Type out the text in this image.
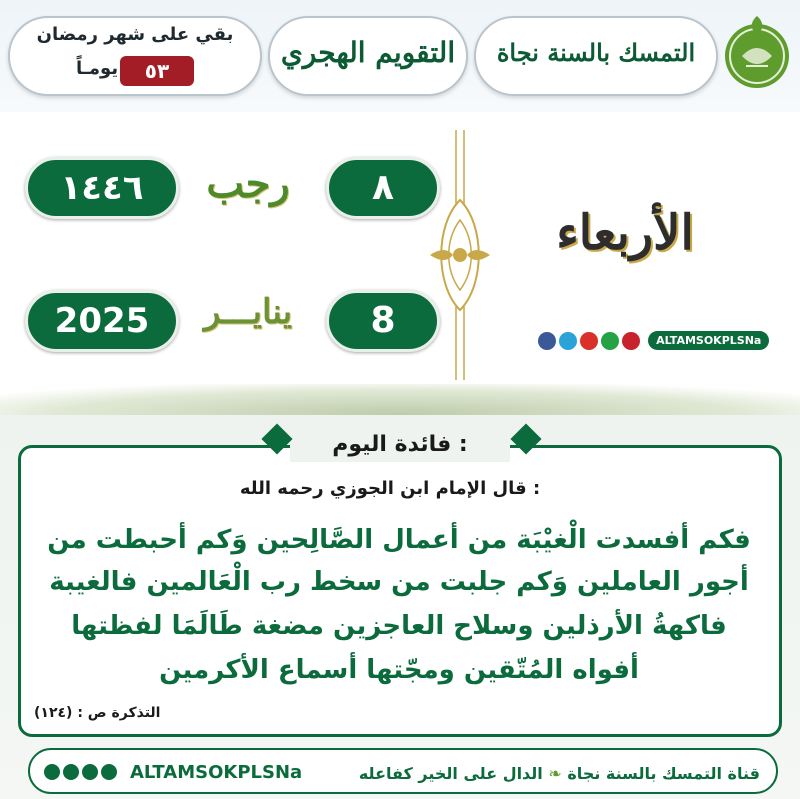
بقي على شهر رمضان
٥٣
يومـاً	التقويم الهجري	التمسك بالسنة نجاة
١٤٤٦	رجب	٨
2025	ينايـــر	8
الأربعاء
ALTAMSOKPLSNa
فائدة اليوم :
قال الإمام ابن الجوزي رحمه الله :
فكم أفسدت الْغيْبَة من أعمال الصَّالِحين وَكم أحبطت من
أجور العاملين وَكم جلبت من سخط رب الْعَالمين فالغيبة
فاكهةُ الأرذلين وسلاح العاجزين مضغة طَالَمَا لفظتها
أفواه المُتّقين ومجّتها أسماع الأكرمين
التذكرة ص : (١٢٤)
قناة التمسك بالسنة نجاة ❧ الدال على الخير كفاعله
ALTAMSOKPLSNa
